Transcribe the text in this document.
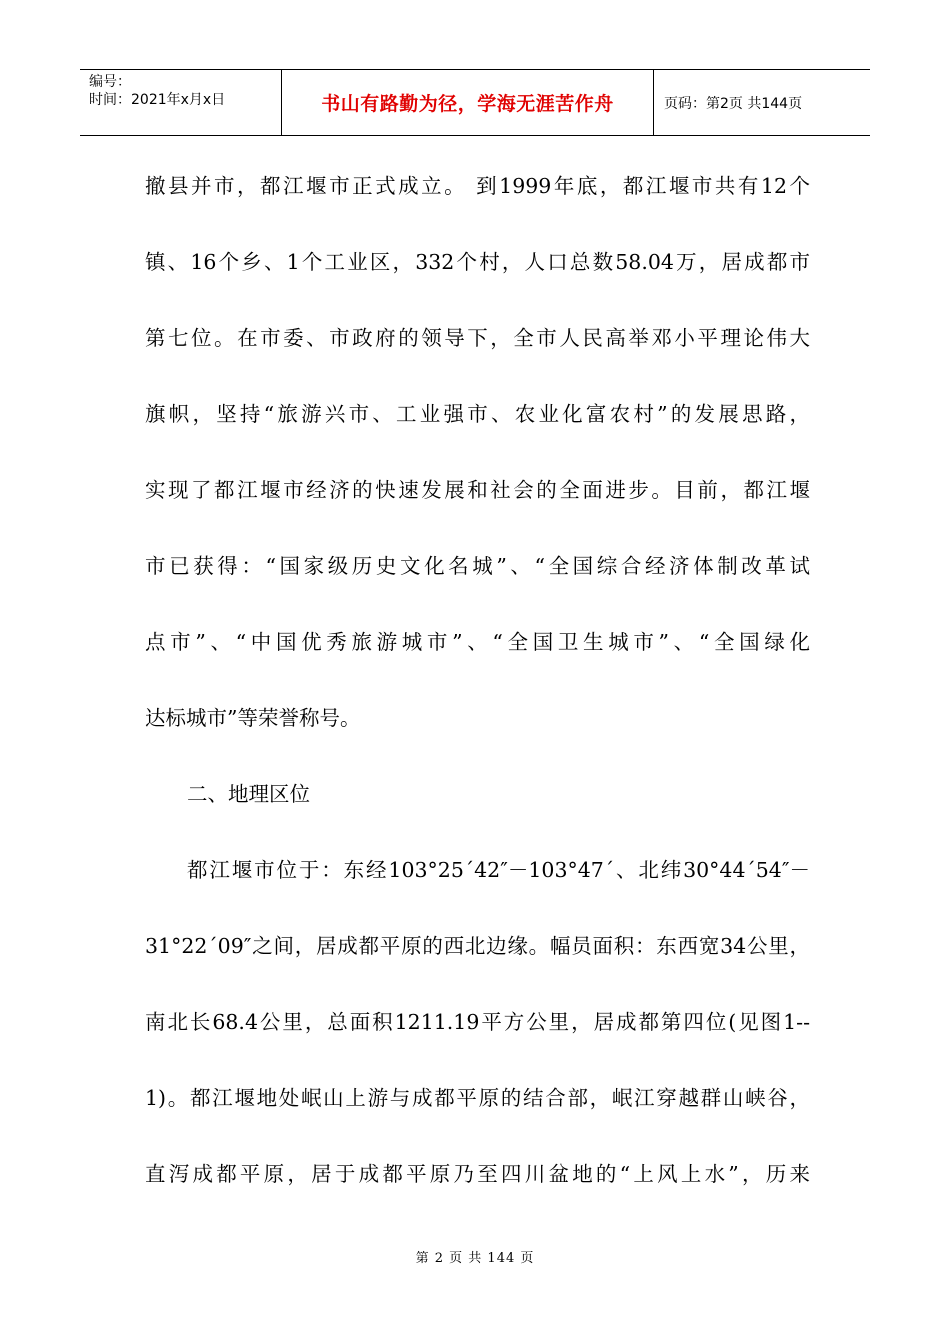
编号：
时间：2021年x月x日	书山有路勤为径，学海无涯苦作舟	页码：第2页 共144页
撤县并市，都江堰市正式成立。 到1999年底，都江堰市共有12个
镇、16个乡、1个工业区，332个村，人口总数58.04万，居成都市
第七位。在市委、市政府的领导下，全市人民高举邓小平理论伟大
旗帜，坚持“旅游兴市、工业强市、农业化富农村”的发展思路，
实现了都江堰市经济的快速发展和社会的全面进步。目前，都江堰
市已获得：“国家级历史文化名城”、“全国综合经济体制改革试
点市”、“中国优秀旅游城市”、“全国卫生城市”、“全国绿化
达标城市”等荣誉称号。
二、地理区位
都江堰市位于：东经103°25´42″－103°47´、北纬30°44´54″－
31°22´09″之间，居成都平原的西北边缘。幅员面积：东西宽34公里，
南北长68.4公里，总面积1211.19平方公里，居成都第四位(见图1--
1)。都江堰地处岷山上游与成都平原的结合部，岷江穿越群山峡谷，
直泻成都平原，居于成都平原乃至四川盆地的“上风上水”，历来
第 2 页 共 144 页
